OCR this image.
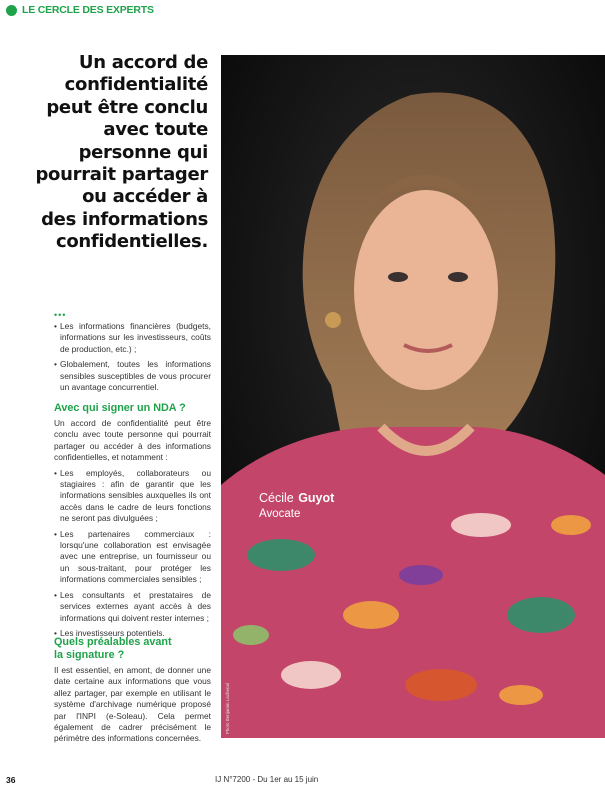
LE CERCLE DES EXPERTS
Un accord de
confidentialité
peut être conclu
avec toute
personne qui
pourrait partager
ou accéder à
des informations
confidentielles.
Cécile Guyot
Avocate
Photo Benjamin Lachenal
•••
• Les informations financières (budgets, informations sur les investisseurs, coûts de production, etc.) ;
• Globalement, toutes les informations sensibles susceptibles de vous procurer un avantage concurrentiel.
Avec qui signer un NDA ?

Un accord de confidentialité peut être conclu avec toute personne qui pourrait partager ou accéder à des informations confidentielles, et notamment :

• Les employés, collaborateurs ou stagiaires : afin de garantir que les informations sensibles auxquelles ils ont accès dans le cadre de leurs fonctions ne seront pas divulguées ;
• Les partenaires commerciaux : lorsqu'une collaboration est envisagée avec une entreprise, un fournisseur ou un sous-traitant, pour protéger les informations commerciales sensibles ;
• Les consultants et prestataires de services externes ayant accès à des informations qui doivent rester internes ;
• Les investisseurs potentiels.
Quels préalables avant
la signature ?

Il est essentiel, en amont, de donner une date certaine aux informations que vous allez partager, par exemple en utilisant le système d'archivage numérique proposé par l'INPI (e-Soleau). Cela permet également de cadrer précisément le périmètre des informations concernées.

36	IJ N°7200 - Du 1er au 15 juin
